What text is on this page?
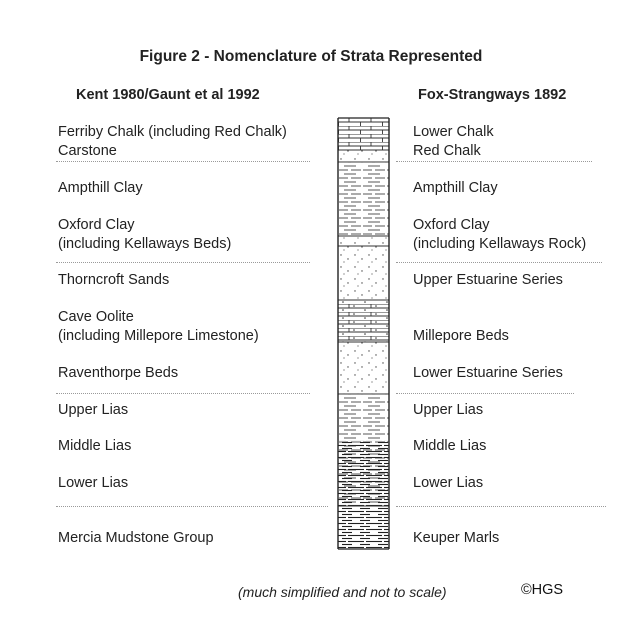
Figure 2 - Nomenclature of Strata Represented
Kent 1980/Gaunt et al 1992	Fox-Strangways 1892
Ferriby Chalk (including Red Chalk)
Carstone
Ampthill Clay
Oxford Clay
(including Kellaways Beds)
Thorncroft Sands
Cave Oolite
(including Millepore Limestone)
Raventhorpe Beds
Upper Lias
Middle Lias
Lower Lias
Mercia Mudstone Group
Lower Chalk
Red Chalk
Ampthill Clay
Oxford Clay
(including Kellaways Rock)
Upper Estuarine Series
Millepore Beds
Lower Estuarine Series
Upper Lias
Middle Lias
Lower Lias
Keuper Marls
(much simplified and not to scale)	©HGS
